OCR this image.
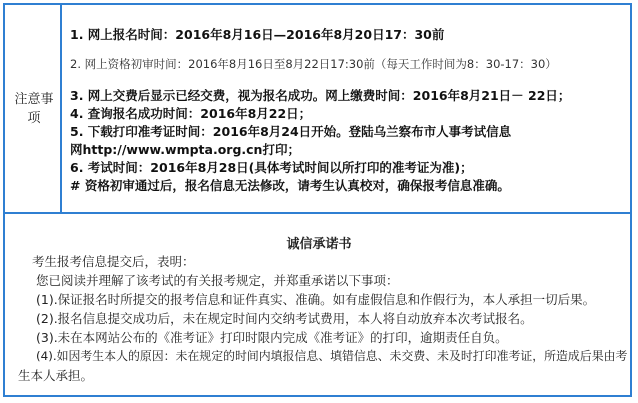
注意事
项
1. 网上报名时间：2016年8月16日—2016年8月20日17：30前
2. 网上资格初审时间：2016年8月16日至8月22日17:30前（每天工作时间为8：30-17：30）
3. 网上交费后显示已经交费，视为报名成功。网上缴费时间：2016年8月21日－ 22日；
4. 查询报名成功时间：2016年8月22日；
5. 下载打印准考证时间：2016年8月24日开始。登陆乌兰察布市人事考试信息
网http://www.wmpta.org.cn打印；
6. 考试时间：2016年8月28日(具体考试时间以所打印的准考证为准)；
# 资格初审通过后，报名信息无法修改，请考生认真校对，确保报考信息准确。
诚信承诺书
考生报考信息提交后，表明：
您已阅读并理解了该考试的有关报考规定，并郑重承诺以下事项：
(1).保证报名时所提交的报考信息和证件真实、准确。如有虚假信息和作假行为，本人承担一切后果。
(2).报名信息提交成功后，未在规定时间内交纳考试费用，本人将自动放弃本次考试报名。
(3).未在本网站公布的《准考证》打印时限内完成《准考证》的打印，逾期责任自负。
(4).如因考生本人的原因：未在规定的时间内填报信息、填错信息、未交费、未及时打印准考证，所造成后果由考
生本人承担。
